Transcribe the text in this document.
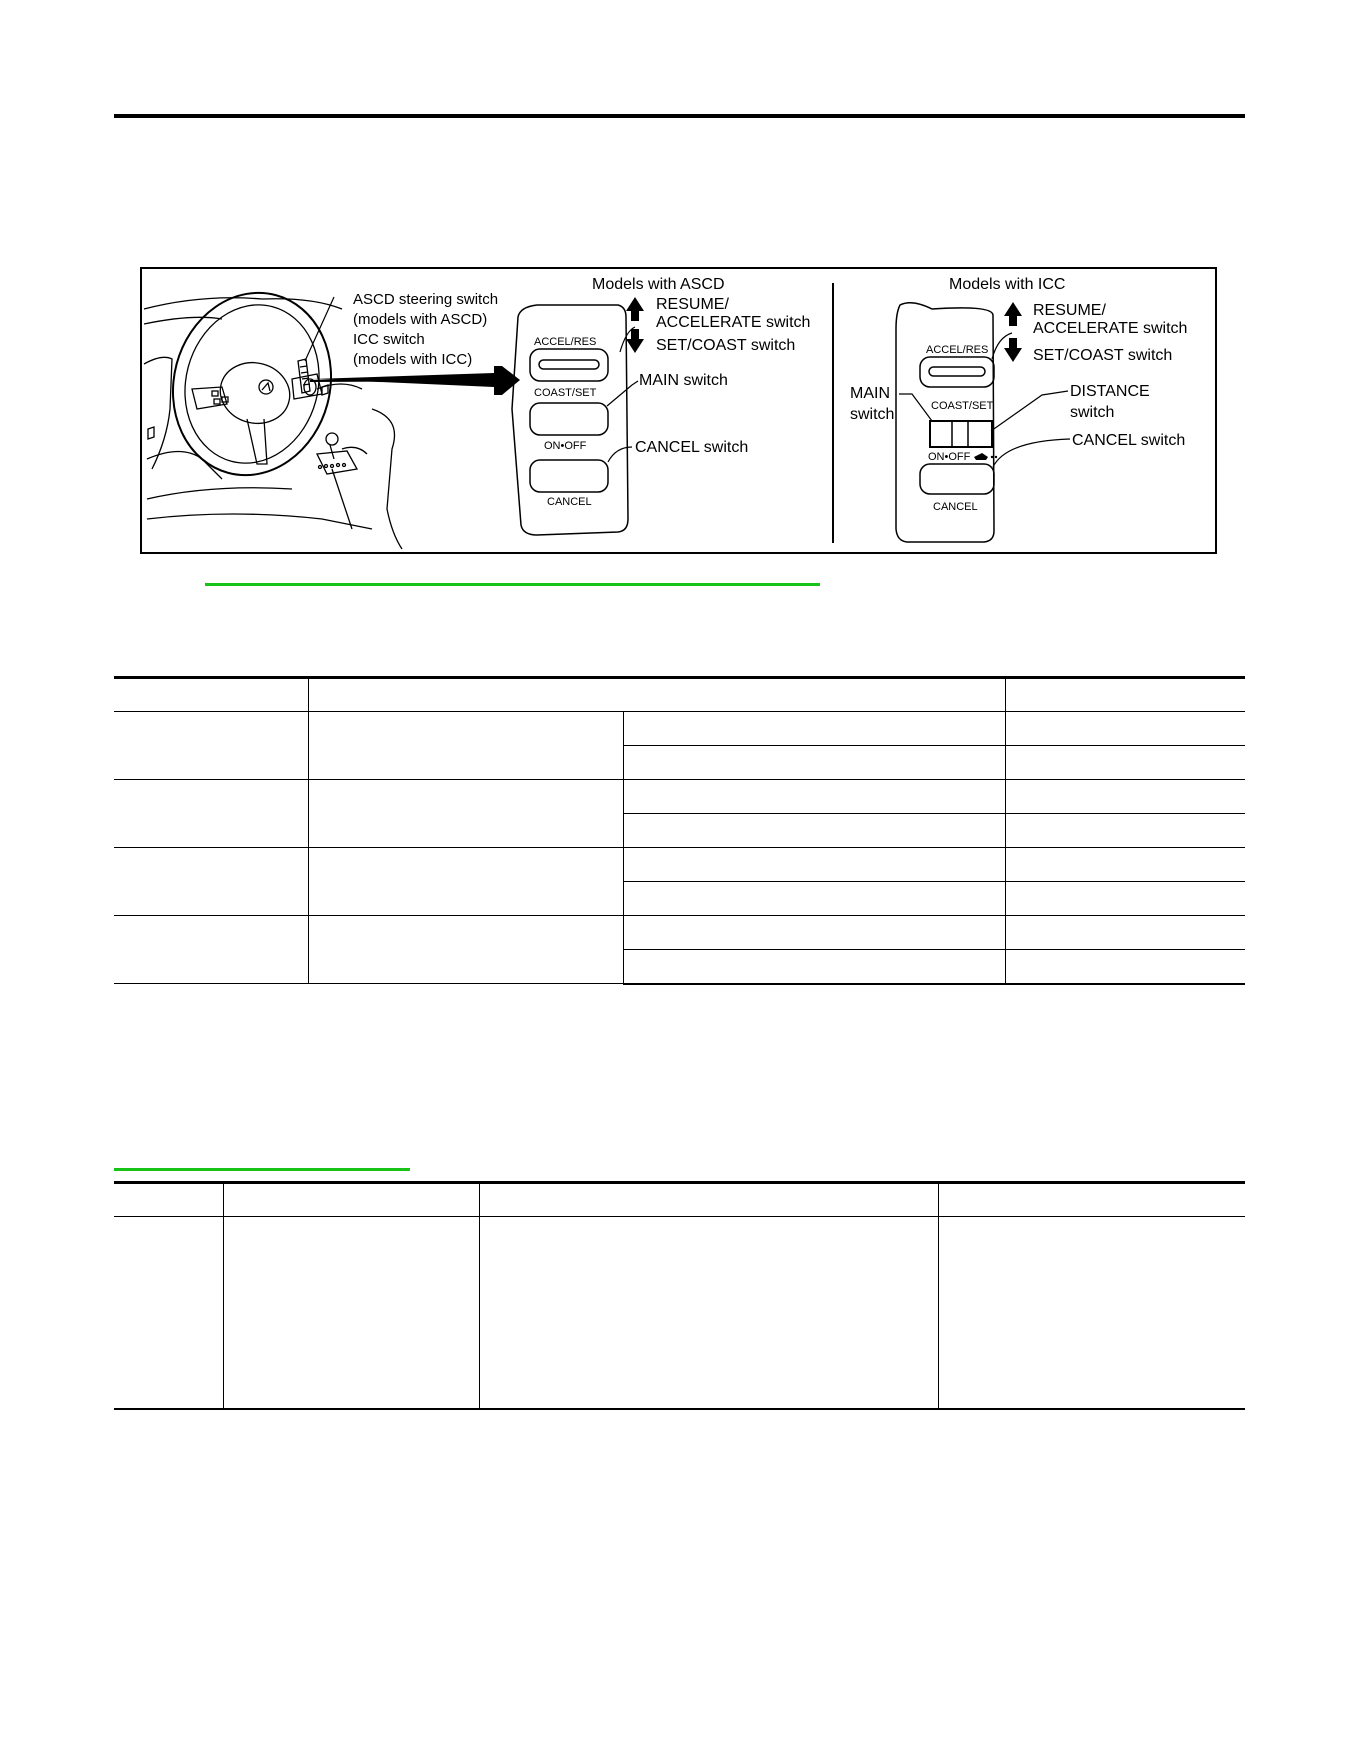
ASCD steering switch
(models with ASCD)
ICC switch
(models with ICC)
Models with ASCD
ACCEL/RES
COAST/SET
ON•OFF
CANCEL
RESUME/
ACCELERATE switch
SET/COAST switch
MAIN switch
CANCEL switch
Models with ICC
ACCEL/RES
COAST/SET
ON•OFF
CANCEL
RESUME/
ACCELERATE switch
SET/COAST switch
MAIN
switch
DISTANCE
switch
CANCEL switch
